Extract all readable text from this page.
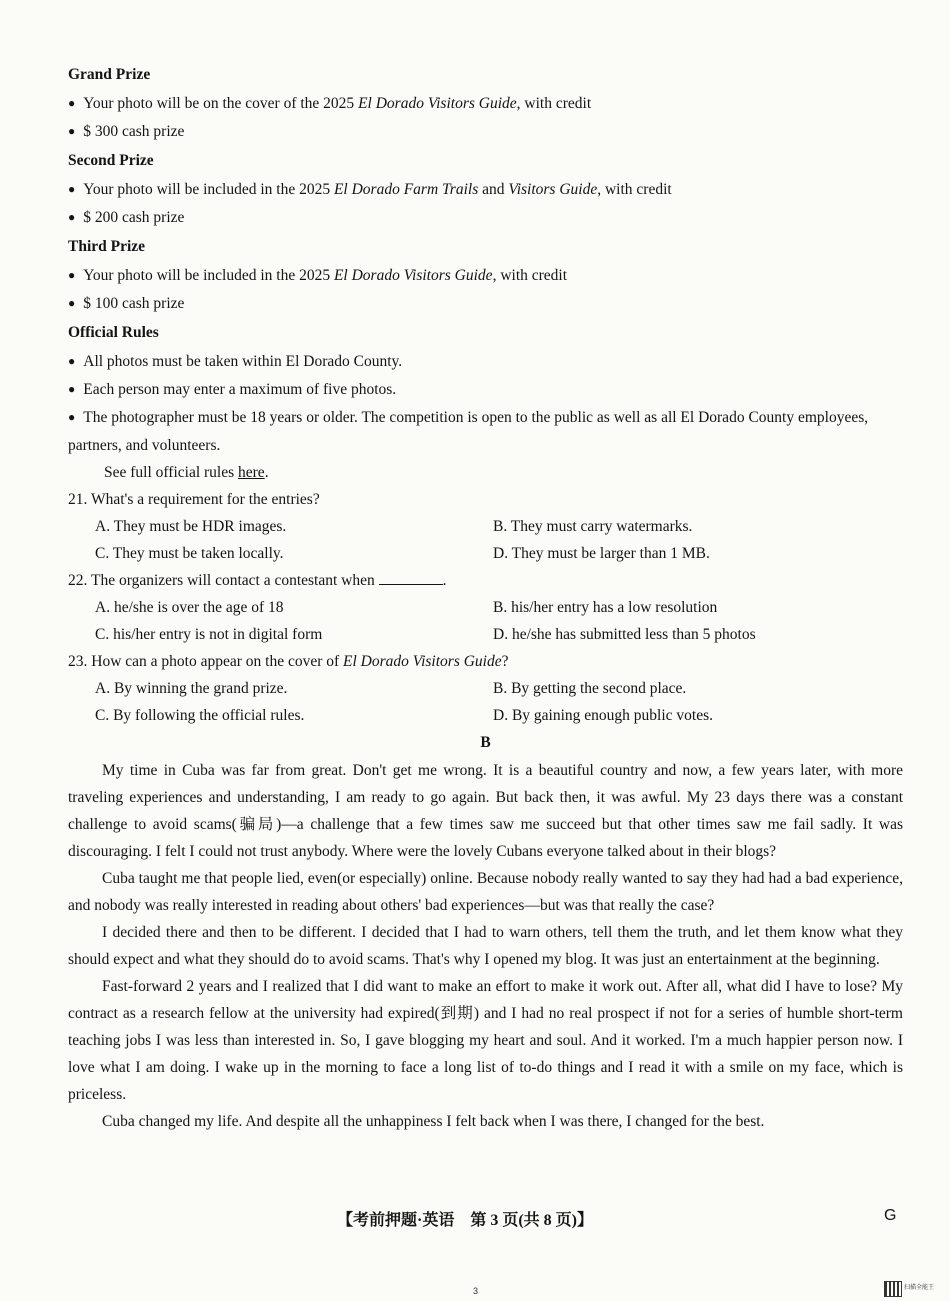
Grand Prize
● Your photo will be on the cover of the 2025 El Dorado Visitors Guide, with credit
● $ 300 cash prize
Second Prize
● Your photo will be included in the 2025 El Dorado Farm Trails and Visitors Guide, with credit
● $ 200 cash prize
Third Prize
● Your photo will be included in the 2025 El Dorado Visitors Guide, with credit
● $ 100 cash prize
Official Rules
● All photos must be taken within El Dorado County.
● Each person may enter a maximum of five photos.
● The photographer must be 18 years or older. The competition is open to the public as well as all El Dorado County employees, partners, and volunteers.
See full official rules here.
21. What's a requirement for the entries?
A. They must be HDR images.	B. They must carry watermarks.
C. They must be taken locally.	D. They must be larger than 1 MB.
22. The organizers will contact a contestant when	.
A. he/she is over the age of 18	B. his/her entry has a low resolution
C. his/her entry is not in digital form	D. he/she has submitted less than 5 photos
23. How can a photo appear on the cover of El Dorado Visitors Guide?
A. By winning the grand prize.	B. By getting the second place.
C. By following the official rules.	D. By gaining enough public votes.
B

My time in Cuba was far from great. Don't get me wrong. It is a beautiful country and now, a few years later, with more traveling experiences and understanding, I am ready to go again. But back then, it was awful. My 23 days there was a constant challenge to avoid scams(骗局)—a challenge that a few times saw me succeed but that other times saw me fail sadly. It was discouraging. I felt I could not trust anybody. Where were the lovely Cubans everyone talked about in their blogs?

Cuba taught me that people lied, even(or especially) online. Because nobody really wanted to say they had had a bad experience, and nobody was really interested in reading about others' bad experiences—but was that really the case?

I decided there and then to be different. I decided that I had to warn others, tell them the truth, and let them know what they should expect and what they should do to avoid scams. That's why I opened my blog. It was just an entertainment at the beginning.

Fast-forward 2 years and I realized that I did want to make an effort to make it work out. After all, what did I have to lose? My contract as a research fellow at the university had expired(到期) and I had no real prospect if not for a series of humble short-term teaching jobs I was less than interested in. So, I gave blogging my heart and soul. And it worked. I'm a much happier person now. I love what I am doing. I wake up in the morning to face a long list of to-do things and I read it with a smile on my face, which is priceless.

Cuba changed my life. And despite all the unhappiness I felt back when I was there, I changed for the best.

【考前押题·英语　第 3 页(共 8 页)】	G
3	扫描全能王
